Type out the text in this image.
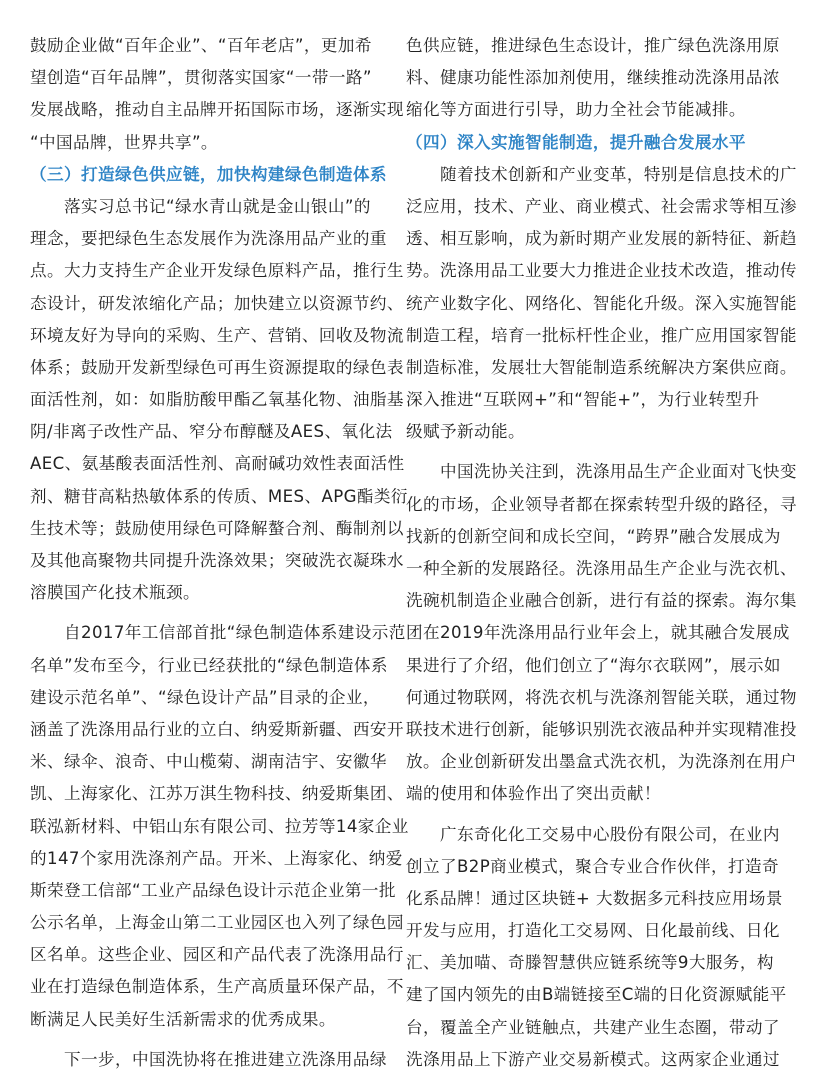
鼓励企业做“百年企业”、“百年老店”，更加希
望创造“百年品牌”，贯彻落实国家“一带一路”
发展战略，推动自主品牌开拓国际市场，逐渐实现
“中国品牌，世界共享”。
（三）打造绿色供应链，加快构建绿色制造体系
　　落实习总书记“绿水青山就是金山银山”的
理念，要把绿色生态发展作为洗涤用品产业的重
点。大力支持生产企业开发绿色原料产品，推行生
态设计，研发浓缩化产品；加快建立以资源节约、
环境友好为导向的采购、生产、营销、回收及物流
体系；鼓励开发新型绿色可再生资源提取的绿色表
面活性剂，如：如脂肪酸甲酯乙氧基化物、油脂基
阴/非离子改性产品、窄分布醇醚及AES、氧化法
AEC、氨基酸表面活性剂、高耐碱功效性表面活性
剂、糖苷高粘热敏体系的传质、MES、APG酯类衍
生技术等；鼓励使用绿色可降解螯合剂、酶制剂以
及其他高聚物共同提升洗涤效果；突破洗衣凝珠水
溶膜国产化技术瓶颈。
　　自2017年工信部首批“绿色制造体系建设示范
名单”发布至今，行业已经获批的“绿色制造体系
建设示范名单”、“绿色设计产品”目录的企业，
涵盖了洗涤用品行业的立白、纳爱斯新疆、西安开
米、绿伞、浪奇、中山榄菊、湖南洁宇、安徽华
凯、上海家化、江苏万淇生物科技、纳爱斯集团、
联泓新材料、中铝山东有限公司、拉芳等14家企业
的147个家用洗涤剂产品。开米、上海家化、纳爱
斯荣登工信部“工业产品绿色设计示范企业第一批
公示名单，上海金山第二工业园区也入列了绿色园
区名单。这些企业、园区和产品代表了洗涤用品行
业在打造绿色制造体系，生产高质量环保产品，不
断满足人民美好生活新需求的优秀成果。
　　下一步，中国洗协将在推进建立洗涤用品绿
色供应链，推进绿色生态设计，推广绿色洗涤用原
料、健康功能性添加剂使用，继续推动洗涤用品浓
缩化等方面进行引导，助力全社会节能减排。
（四）深入实施智能制造，提升融合发展水平
　　随着技术创新和产业变革，特别是信息技术的广
泛应用，技术、产业、商业模式、社会需求等相互渗
透、相互影响，成为新时期产业发展的新特征、新趋
势。洗涤用品工业要大力推进企业技术改造，推动传
统产业数字化、网络化、智能化升级。深入实施智能
制造工程，培育一批标杆性企业，推广应用国家智能
制造标准，发展壮大智能制造系统解决方案供应商。
深入推进“互联网+”和“智能+”，为行业转型升
级赋予新动能。
　　中国洗协关注到，洗涤用品生产企业面对飞快变
化的市场，企业领导者都在探索转型升级的路径，寻
找新的创新空间和成长空间，“跨界”融合发展成为
一种全新的发展路径。洗涤用品生产企业与洗衣机、
洗碗机制造企业融合创新，进行有益的探索。海尔集
团在2019年洗涤用品行业年会上，就其融合发展成
果进行了介绍，他们创立了“海尔衣联网”，展示如
何通过物联网，将洗衣机与洗涤剂智能关联，通过物
联技术进行创新，能够识别洗衣液品种并实现精准投
放。企业创新研发出墨盒式洗衣机，为洗涤剂在用户
端的使用和体验作出了突出贡献！
　　广东奇化化工交易中心股份有限公司，在业内
创立了B2P商业模式，聚合专业合作伙伴，打造奇
化系品牌！通过区块链+ 大数据多元科技应用场景
开发与应用，打造化工交易网、日化最前线、日化
汇、美加喵、奇滕智慧供应链系统等9大服务，构
建了国内领先的由B端链接至C端的日化资源赋能平
台，覆盖全产业链触点，共建产业生态圈，带动了
洗涤用品上下游产业交易新模式。这两家企业通过
